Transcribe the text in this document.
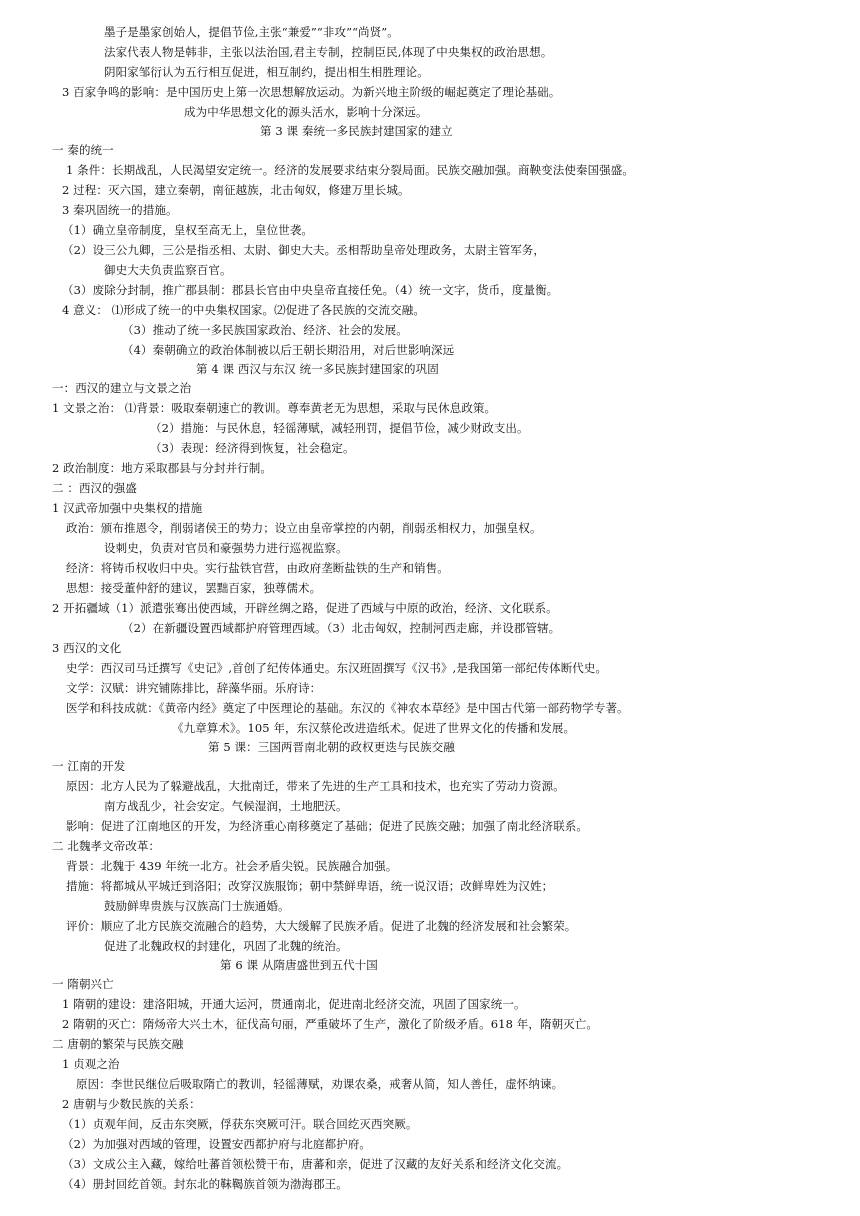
墨子是墨家创始人，提倡节俭,主张“兼爱”“非攻”“尚贤”。
法家代表人物是韩非，主张以法治国,君主专制，控制臣民,体现了中央集权的政治思想。
阴阳家邹衍认为五行相互促进，相互制约，提出相生相胜理论。
3 百家争鸣的影响：是中国历史上第一次思想解放运动。为新兴地主阶级的崛起奠定了理论基础。
成为中华思想文化的源头活水，影响十分深远。
第 3 课 秦统一多民族封建国家的建立
一 秦的统一
1 条件：长期战乱，人民渴望安定统一。经济的发展要求结束分裂局面。民族交融加强。商鞅变法使秦国强盛。
2 过程：灭六国，建立秦朝，南征越族，北击匈奴，修建万里长城。
3 秦巩固统一的措施。
（1）确立皇帝制度，皇权至高无上，皇位世袭。
（2）设三公九卿，三公是指丞相、太尉、御史大夫。丞相帮助皇帝处理政务，太尉主管军务，
御史大夫负责监察百官。
（3）废除分封制，推广郡县制：郡县长官由中央皇帝直接任免。（4）统一文字，货币，度量衡。
4 意义： ⑴形成了统一的中央集权国家。⑵促进了各民族的交流交融。
（3）推动了统一多民族国家政治、经济、社会的发展。
（4）秦朝确立的政治体制被以后王朝长期沿用，对后世影响深远
第 4 课 西汉与东汉 统一多民族封建国家的巩固
一：西汉的建立与文景之治
1 文景之治： ⑴背景：吸取秦朝速亡的教训。尊奉黄老无为思想，采取与民休息政策。
（2）措施：与民休息，轻徭薄赋，减轻刑罚，提倡节俭，减少财政支出。
（3）表现：经济得到恢复，社会稳定。
2 政治制度：地方采取郡县与分封并行制。
二 ：西汉的强盛
1 汉武帝加强中央集权的措施
政治：颁布推恩令，削弱诸侯王的势力；设立由皇帝掌控的内朝，削弱丞相权力，加强皇权。
设刺史，负责对官员和豪强势力进行巡视监察。
经济：将铸币权收归中央。实行盐铁官营，由政府垄断盐铁的生产和销售。
思想：接受董仲舒的建议，罢黜百家，独尊儒术。
2 开拓疆域（1）派遣张骞出使西域，开辟丝绸之路，促进了西域与中原的政治，经济、文化联系。
（2）在新疆设置西域都护府管理西域。（3）北击匈奴，控制河西走廊，并设郡管辖。
3 西汉的文化
史学：西汉司马迁撰写《史记》,首创了纪传体通史。东汉班固撰写《汉书》,是我国第一部纪传体断代史。
文学：汉赋：讲究铺陈排比，辞藻华丽。乐府诗：
医学和科技成就：《黄帝内经》奠定了中医理论的基础。东汉的《神农本草经》是中国古代第一部药物学专著。
《九章算术》。105 年，东汉蔡伦改进造纸术。促进了世界文化的传播和发展。
第 5 课：三国两晋南北朝的政权更迭与民族交融
一 江南的开发
原因：北方人民为了躲避战乱，大批南迁，带来了先进的生产工具和技术，也充实了劳动力资源。
南方战乱少，社会安定。气候湿润，土地肥沃。
影响：促进了江南地区的开发，为经济重心南移奠定了基础；促进了民族交融；加强了南北经济联系。
二 北魏孝文帝改革：
背景：北魏于 439 年统一北方。社会矛盾尖锐。民族融合加强。
措施：将都城从平城迁到洛阳；改穿汉族服饰；朝中禁鲜卑语，统一说汉语；改鲜卑姓为汉姓；
鼓励鲜卑贵族与汉族高门士族通婚。
评价：顺应了北方民族交流融合的趋势，大大缓解了民族矛盾。促进了北魏的经济发展和社会繁荣。
促进了北魏政权的封建化，巩固了北魏的统治。
第 6 课 从隋唐盛世到五代十国
一 隋朝兴亡
1 隋朝的建设：建洛阳城，开通大运河，贯通南北，促进南北经济交流，巩固了国家统一。
2 隋朝的灭亡：隋炀帝大兴土木，征伐高句丽，严重破坏了生产，激化了阶级矛盾。618 年，隋朝灭亡。
二 唐朝的繁荣与民族交融
1 贞观之治
原因：李世民继位后吸取隋亡的教训，轻徭薄赋，劝课农桑，戒奢从简，知人善任，虚怀纳谏。
2 唐朝与少数民族的关系：
（1）贞观年间，反击东突厥，俘获东突厥可汗。联合回纥灭西突厥。
（2）为加强对西域的管理，设置安西都护府与北庭都护府。
（3）文成公主入藏，嫁给吐蕃首领松赞干布，唐蕃和亲，促进了汉藏的友好关系和经济文化交流。
（4）册封回纥首领。封东北的靺鞨族首领为渤海郡王。
